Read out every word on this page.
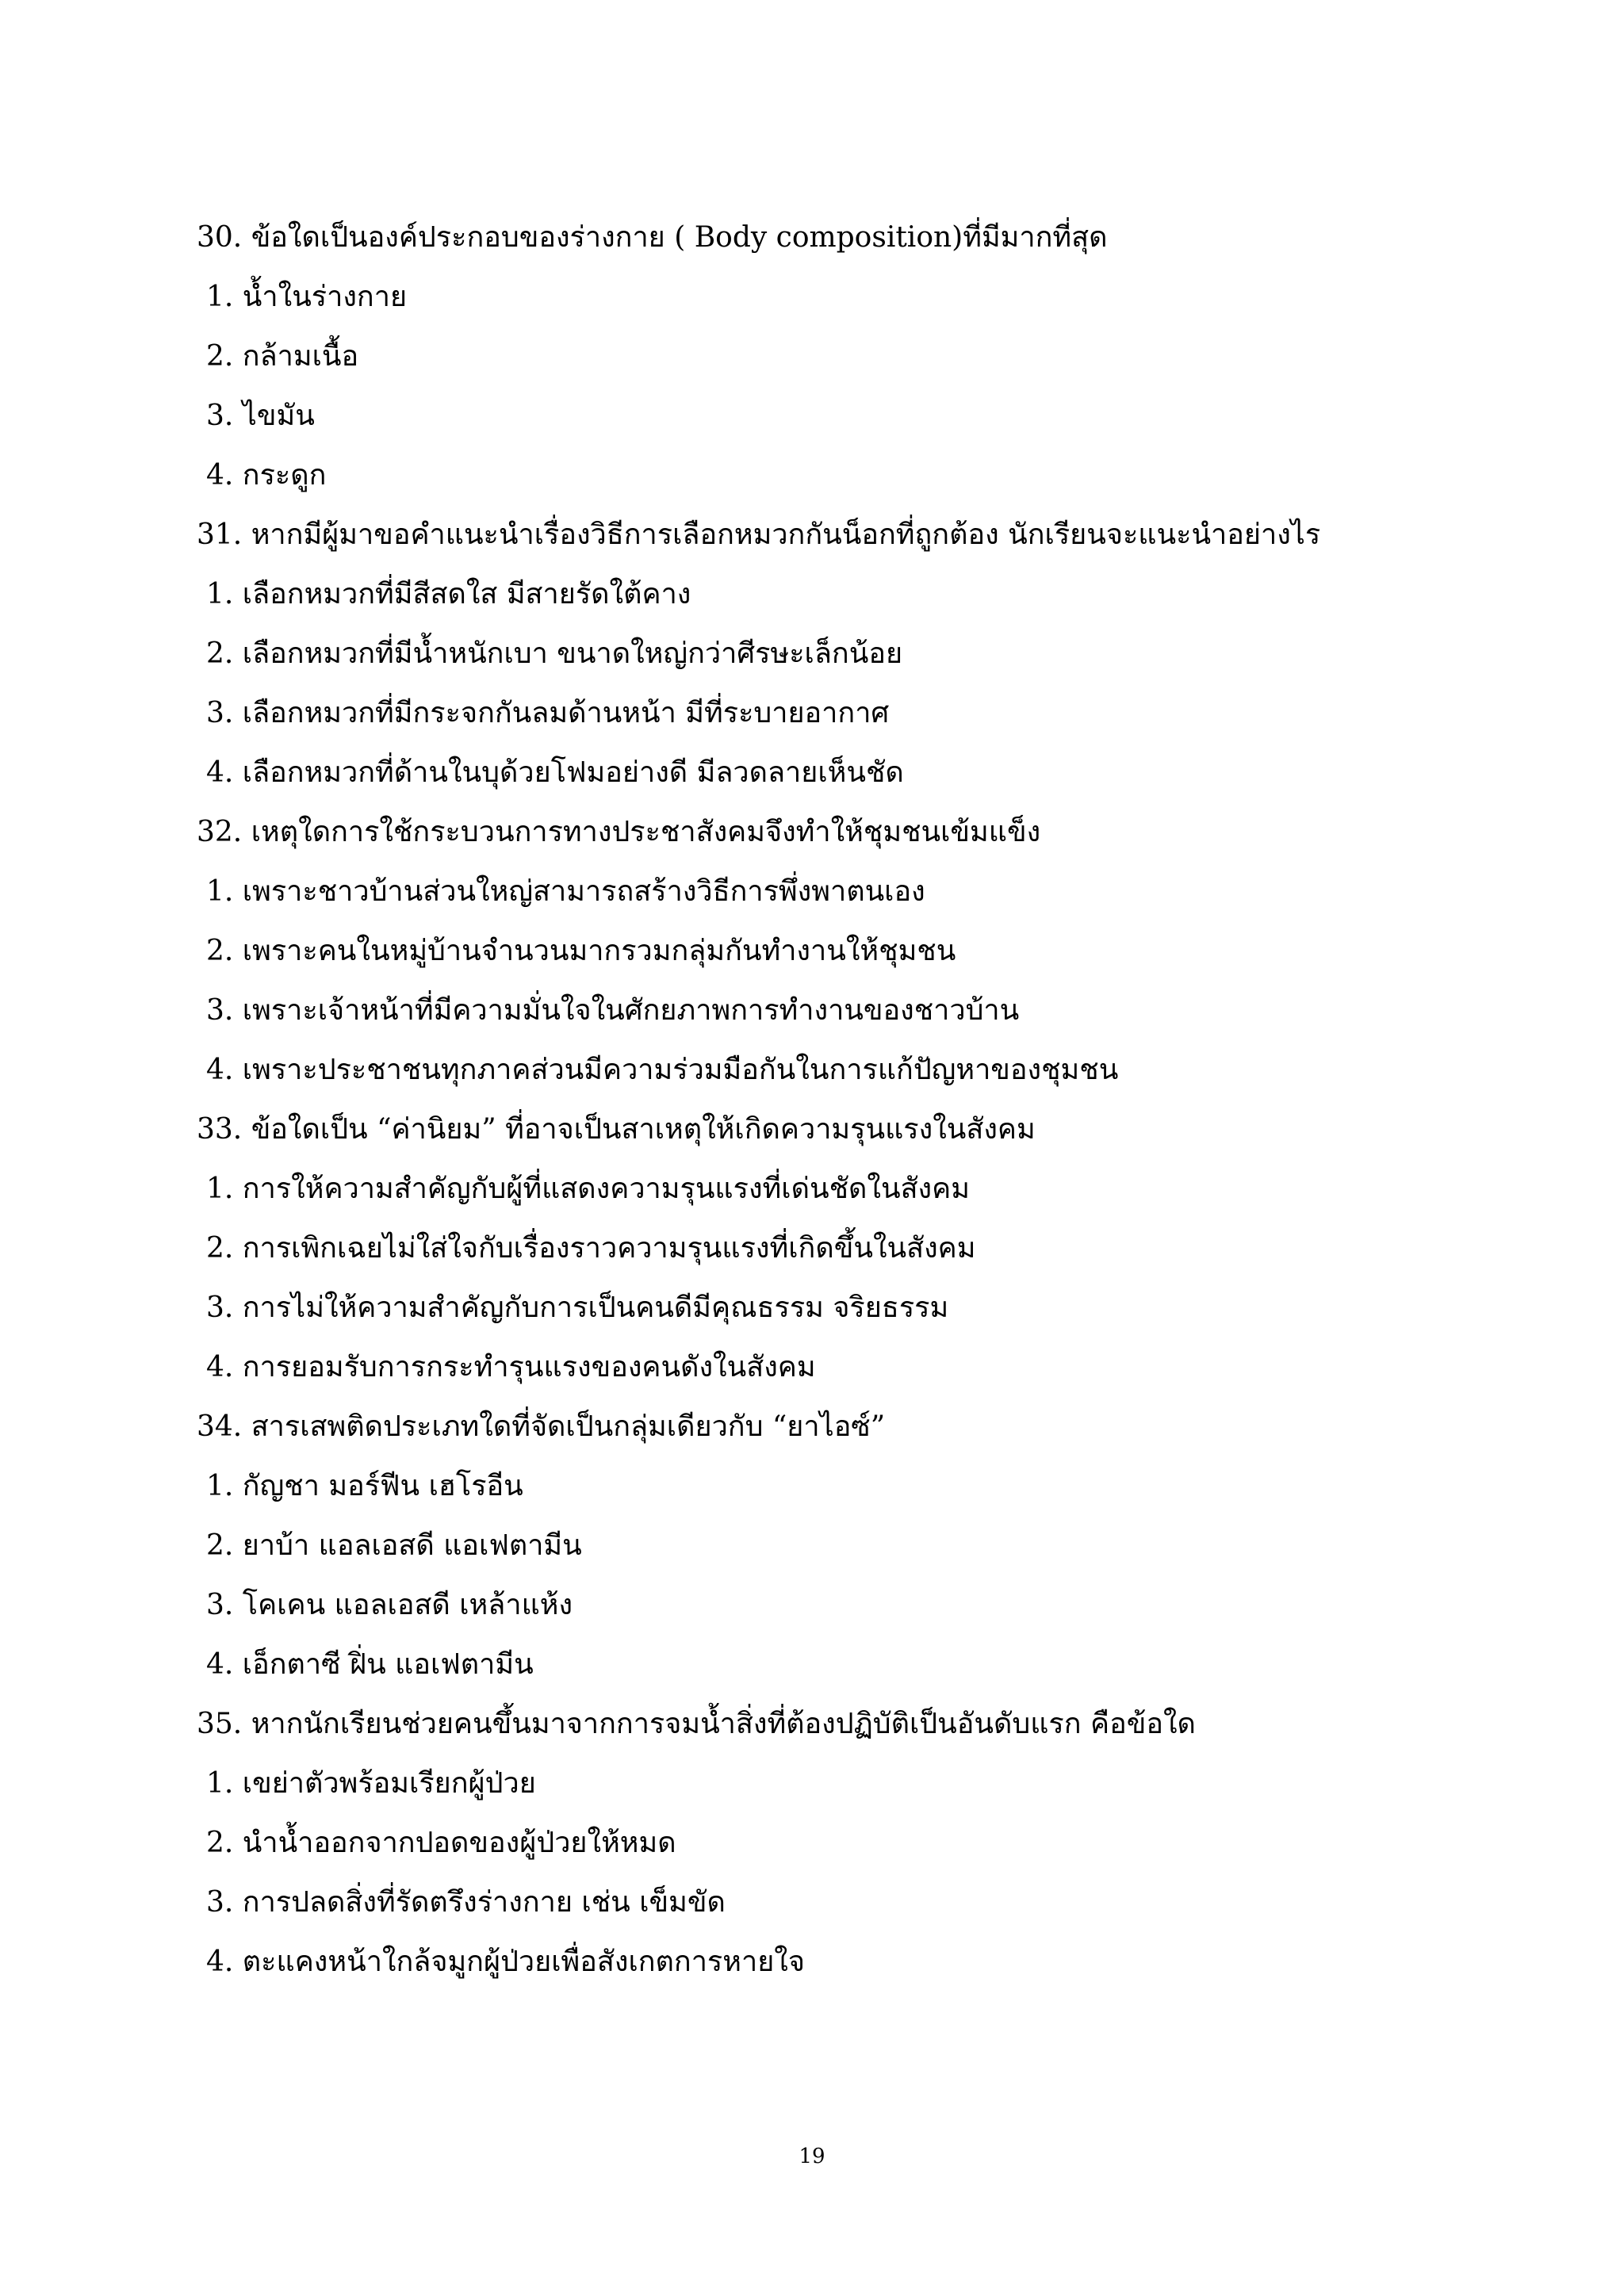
30. ข้อใดเป็นองค์ประกอบของร่างกาย ( Body composition)ที่มีมากที่สุด
1. น้ำในร่างกาย
2. กล้ามเนื้อ
3. ไขมัน
4. กระดูก
31. หากมีผู้มาขอคำแนะนำเรื่องวิธีการเลือกหมวกกันน็อกที่ถูกต้อง นักเรียนจะแนะนำอย่างไร
1. เลือกหมวกที่มีสีสดใส มีสายรัดใต้คาง
2. เลือกหมวกที่มีน้ำหนักเบา ขนาดใหญ่กว่าศีรษะเล็กน้อย
3. เลือกหมวกที่มีกระจกกันลมด้านหน้า มีที่ระบายอากาศ
4. เลือกหมวกที่ด้านในบุด้วยโฟมอย่างดี มีลวดลายเห็นชัด
32. เหตุใดการใช้กระบวนการทางประชาสังคมจึงทำให้ชุมชนเข้มแข็ง
1. เพราะชาวบ้านส่วนใหญ่สามารถสร้างวิธีการพึ่งพาตนเอง
2. เพราะคนในหมู่บ้านจำนวนมากรวมกลุ่มกันทำงานให้ชุมชน
3. เพราะเจ้าหน้าที่มีความมั่นใจในศักยภาพการทำงานของชาวบ้าน
4. เพราะประชาชนทุกภาคส่วนมีความร่วมมือกันในการแก้ปัญหาของชุมชน
33. ข้อใดเป็น “ค่านิยม” ที่อาจเป็นสาเหตุให้เกิดความรุนแรงในสังคม
1. การให้ความสำคัญกับผู้ที่แสดงความรุนแรงที่เด่นชัดในสังคม
2. การเพิกเฉยไม่ใส่ใจกับเรื่องราวความรุนแรงที่เกิดขึ้นในสังคม
3. การไม่ให้ความสำคัญกับการเป็นคนดีมีคุณธรรม จริยธรรม
4. การยอมรับการกระทำรุนแรงของคนดังในสังคม
34. สารเสพติดประเภทใดที่จัดเป็นกลุ่มเดียวกับ “ยาไอซ์”
1. กัญชา มอร์ฟีน เฮโรอีน
2. ยาบ้า แอลเอสดี แอเฟตามีน
3. โคเคน แอลเอสดี เหล้าแห้ง
4. เอ็กตาซี ฝิ่น แอเฟตามีน
35. หากนักเรียนช่วยคนขึ้นมาจากการจมน้ำสิ่งที่ต้องปฏิบัติเป็นอันดับแรก คือข้อใด
1. เขย่าตัวพร้อมเรียกผู้ป่วย
2. นำน้ำออกจากปอดของผู้ป่วยให้หมด
3. การปลดสิ่งที่รัดตรึงร่างกาย เช่น เข็มขัด
4. ตะแคงหน้าใกล้จมูกผู้ป่วยเพื่อสังเกตการหายใจ
19
